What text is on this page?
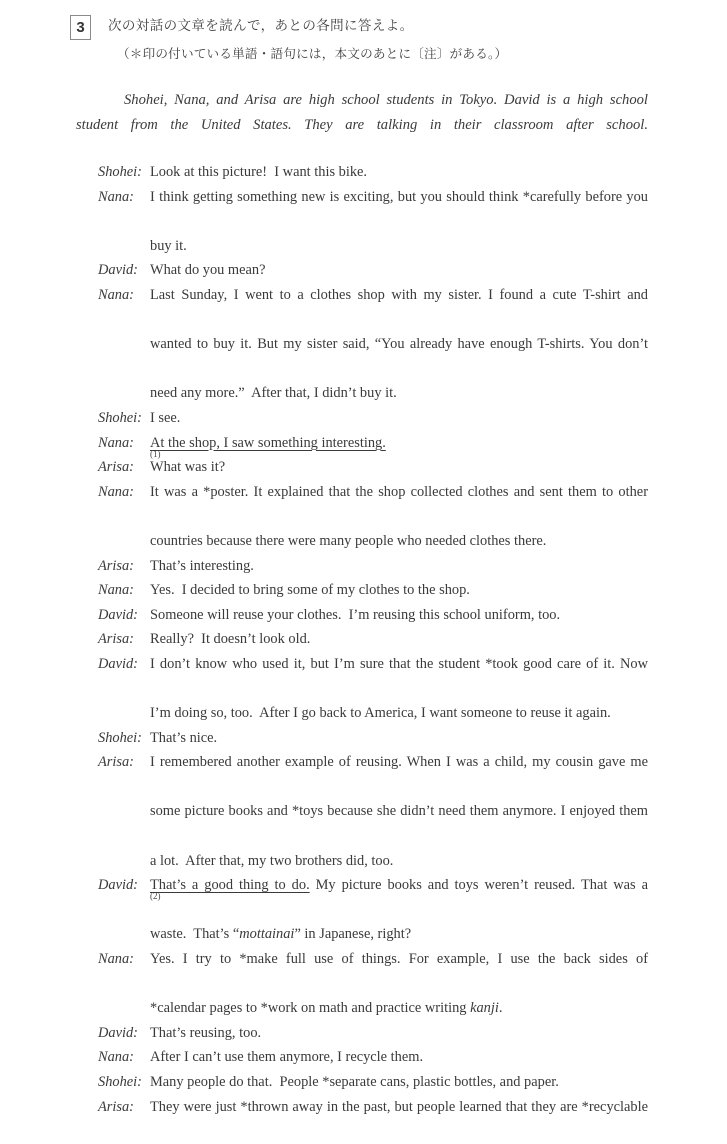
3	次の対話の文章を読んで，あとの各問に答えよ。
（＊印の付いている単語・語句には，本文のあとに〔注〕がある。）
Shohei, Nana, and Arisa are high school students in Tokyo. David is a high school student from the United States. They are talking in their classroom after school.
Shohei: Look at this picture!  I want this bike.
Nana: I think getting something new is exciting, but you should think *carefully before you
buy it.
David: What do you mean?
Nana: Last Sunday, I went to a clothes shop with my sister. I found a cute T-shirt and
wanted to buy it. But my sister said, “You already have enough T-shirts. You don’t
need any more.”  After that, I didn’t buy it.
Shohei: I see.
Nana: At the shop, I saw something interesting.
(1)
Arisa: What was it?
Nana: It was a *poster. It explained that the shop collected clothes and sent them to other
countries because there were many people who needed clothes there.
Arisa: That’s interesting.
Nana: Yes.  I decided to bring some of my clothes to the shop.
David: Someone will reuse your clothes.  I’m reusing this school uniform, too.
Arisa: Really?  It doesn’t look old.
David: I don’t know who used it, but I’m sure that the student *took good care of it. Now
I’m doing so, too.  After I go back to America, I want someone to reuse it again.
Shohei: That’s nice.
Arisa: I remembered another example of reusing. When I was a child, my cousin gave me
some picture books and *toys because she didn’t need them anymore. I enjoyed them
a lot.  After that, my two brothers did, too.
David: That’s a good thing to do. My picture books and toys weren’t reused. That was a
waste.  That’s “mottainai” in Japanese, right?
(2)
Nana: Yes. I try to *make full use of things. For example, I use the back sides of
*calendar pages to *work on math and practice writing kanji.
David: That’s reusing, too.
Nana: After I can’t use them anymore, I recycle them.
Shohei: Many people do that.  People *separate cans, plastic bottles, and paper.
Arisa: They were just *thrown away in the past, but people learned that they are *recyclable
